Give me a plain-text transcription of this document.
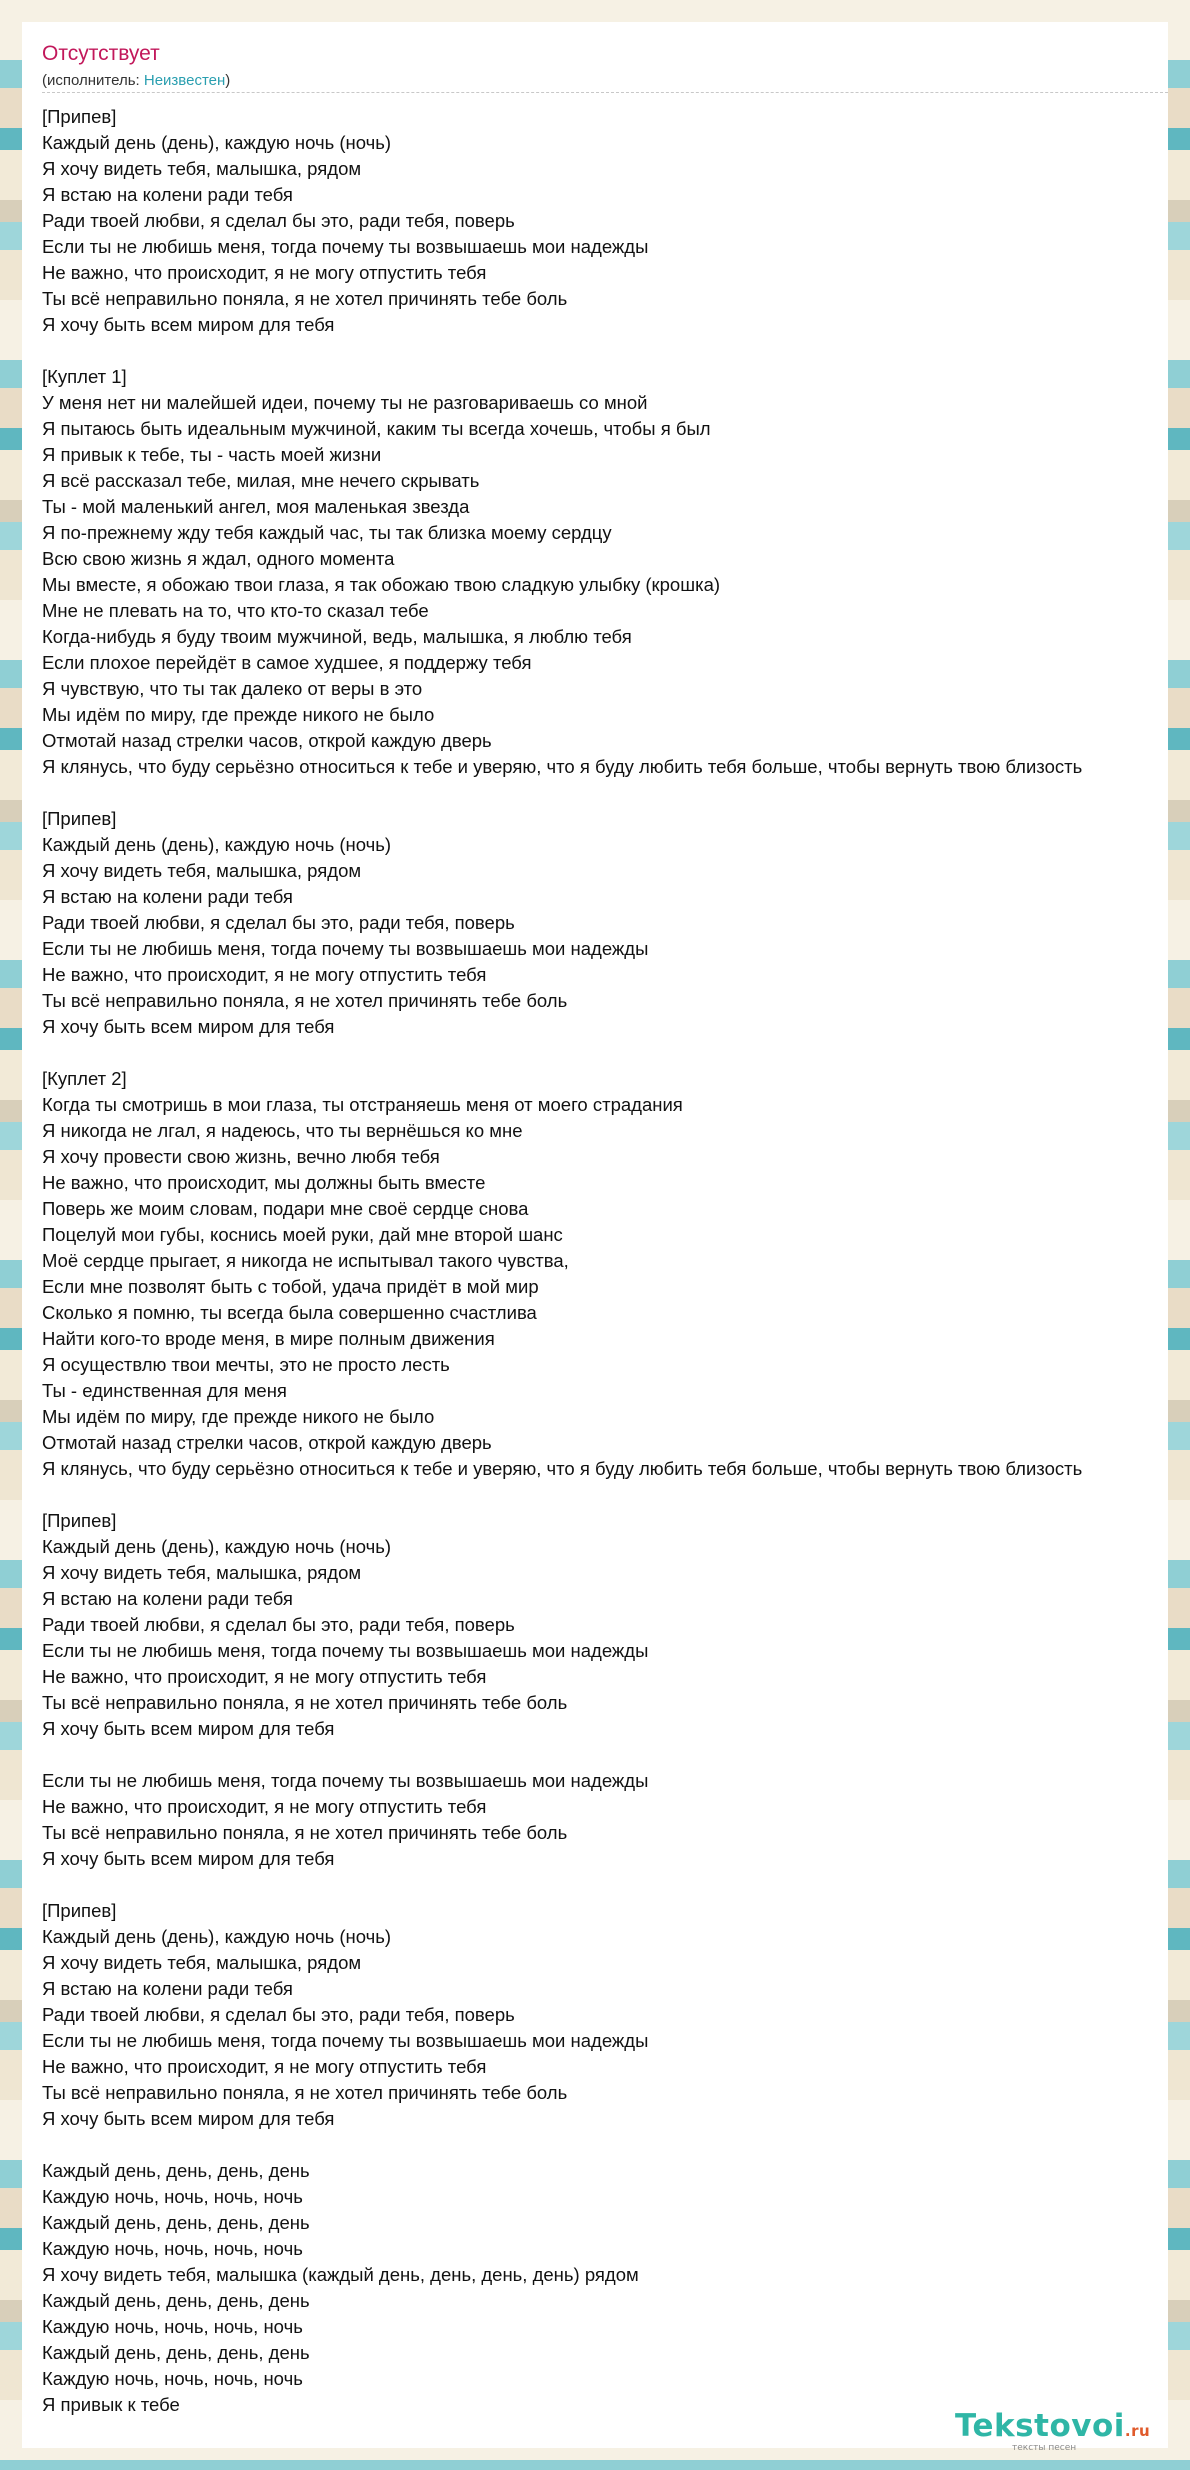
Отсутствует
(исполнитель: Неизвестен)
[Припев]
Каждый день (день), каждую ночь (ночь)
Я хочу видеть тебя, малышка, рядом
Я встаю на колени ради тебя
Ради твоей любви, я сделал бы это, ради тебя, поверь
Если ты не любишь меня, тогда почему ты возвышаешь мои надежды
Не важно, что происходит, я не могу отпустить тебя
Ты всё неправильно поняла, я не хотел причинять тебе боль
Я хочу быть всем миром для тебя
[Куплет 1]
У меня нет ни малейшей идеи, почему ты не разговариваешь со мной
Я пытаюсь быть идеальным мужчиной, каким ты всегда хочешь, чтобы я был
Я привык к тебе, ты - часть моей жизни
Я всё рассказал тебе, милая, мне нечего скрывать
Ты - мой маленький ангел, моя маленькая звезда
Я по-прежнему жду тебя каждый час, ты так близка моему сердцу
Всю свою жизнь я ждал, одного момента
Мы вместе, я обожаю твои глаза, я так обожаю твою сладкую улыбку (крошка)
Мне не плевать на то, что кто-то сказал тебе
Когда-нибудь я буду твоим мужчиной, ведь, малышка, я люблю тебя
Если плохое перейдёт в самое худшее, я поддержу тебя
Я чувствую, что ты так далеко от веры в это
Мы идём по миру, где прежде никого не было
Отмотай назад стрелки часов, открой каждую дверь
Я клянусь, что буду серьёзно относиться к тебе и уверяю, что я буду любить тебя больше, чтобы вернуть твою близость
[Припев]
Каждый день (день), каждую ночь (ночь)
Я хочу видеть тебя, малышка, рядом
Я встаю на колени ради тебя
Ради твоей любви, я сделал бы это, ради тебя, поверь
Если ты не любишь меня, тогда почему ты возвышаешь мои надежды
Не важно, что происходит, я не могу отпустить тебя
Ты всё неправильно поняла, я не хотел причинять тебе боль
Я хочу быть всем миром для тебя
[Куплет 2]
Когда ты смотришь в мои глаза, ты отстраняешь меня от моего страдания
Я никогда не лгал, я надеюсь, что ты вернёшься ко мне
Я хочу провести свою жизнь, вечно любя тебя
Не важно, что происходит, мы должны быть вместе
Поверь же моим словам, подари мне своё сердце снова
Поцелуй мои губы, коснись моей руки, дай мне второй шанс
Моё сердце прыгает, я никогда не испытывал такого чувства,
Если мне позволят быть с тобой, удача придёт в мой мир
Сколько я помню, ты всегда была совершенно счастлива
Найти кого-то вроде меня, в мире полным движения
Я осуществлю твои мечты, это не просто лесть
Ты - единственная для меня
Мы идём по миру, где прежде никого не было
Отмотай назад стрелки часов, открой каждую дверь
Я клянусь, что буду серьёзно относиться к тебе и уверяю, что я буду любить тебя больше, чтобы вернуть твою близость
[Припев]
Каждый день (день), каждую ночь (ночь)
Я хочу видеть тебя, малышка, рядом
Я встаю на колени ради тебя
Ради твоей любви, я сделал бы это, ради тебя, поверь
Если ты не любишь меня, тогда почему ты возвышаешь мои надежды
Не важно, что происходит, я не могу отпустить тебя
Ты всё неправильно поняла, я не хотел причинять тебе боль
Я хочу быть всем миром для тебя
Если ты не любишь меня, тогда почему ты возвышаешь мои надежды
Не важно, что происходит, я не могу отпустить тебя
Ты всё неправильно поняла, я не хотел причинять тебе боль
Я хочу быть всем миром для тебя
[Припев]
Каждый день (день), каждую ночь (ночь)
Я хочу видеть тебя, малышка, рядом
Я встаю на колени ради тебя
Ради твоей любви, я сделал бы это, ради тебя, поверь
Если ты не любишь меня, тогда почему ты возвышаешь мои надежды
Не важно, что происходит, я не могу отпустить тебя
Ты всё неправильно поняла, я не хотел причинять тебе боль
Я хочу быть всем миром для тебя
Каждый день, день, день, день
Каждую ночь, ночь, ночь, ночь
Каждый день, день, день, день
Каждую ночь, ночь, ночь, ночь
Я хочу видеть тебя, малышка (каждый день, день, день, день) рядом
Каждый день, день, день, день
Каждую ночь, ночь, ночь, ночь
Каждый день, день, день, день
Каждую ночь, ночь, ночь, ночь
Я привык к тебе
Tekstovoi.ru
тексты песен
